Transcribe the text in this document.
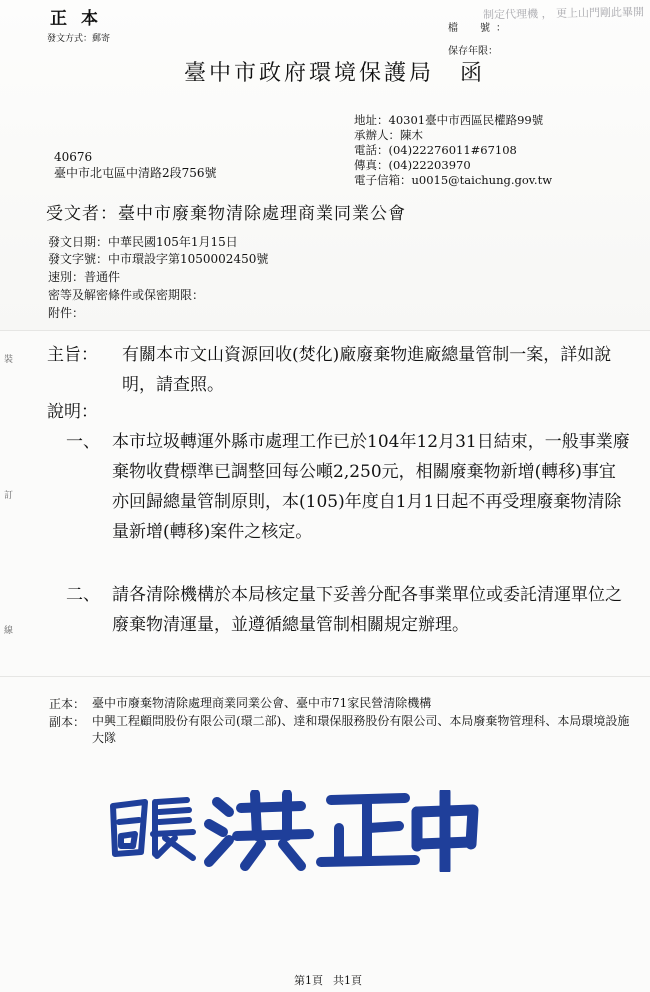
正本
發文方式：郵寄
制定代理機 ， 更上山門剛此畢開
檔　號：
保存年限：
臺中市政府環境保護局 函
地址：40301臺中市西區民權路99號
承辦人：陳木
電話：(04)22276011#67108
傳真：(04)22203970
電子信箱：u0015@taichung.gov.tw
40676
臺中市北屯區中清路2段756號
受文者：臺中市廢棄物清除處理商業同業公會
發文日期：中華民國105年1月15日
發文字號：中市環設字第1050002450號
速別：普通件
密等及解密條件或保密期限：
附件：
裝
訂
線
主旨： 有關本市文山資源回收(焚化)廠廢棄物進廠總量管制一案，詳如說明，請查照。
說明：
一、 本市垃圾轉運外縣市處理工作已於104年12月31日結束，一般事業廢棄物收費標準已調整回每公噸2,250元，相關廢棄物新增(轉移)事宜亦回歸總量管制原則，本(105)年度自1月1日起不再受理廢棄物清除量新增(轉移)案件之核定。
二、 請各清除機構於本局核定量下妥善分配各事業單位或委託清運單位之廢棄物清運量，並遵循總量管制相關規定辦理。
正本： 臺中市廢棄物清除處理商業同業公會、臺中市71家民營清除機構
副本： 中興工程顧問股份有限公司(環二部)、達和環保服務股份有限公司、本局廢棄物管理科、本局環境設施大隊
第1頁 共1頁
